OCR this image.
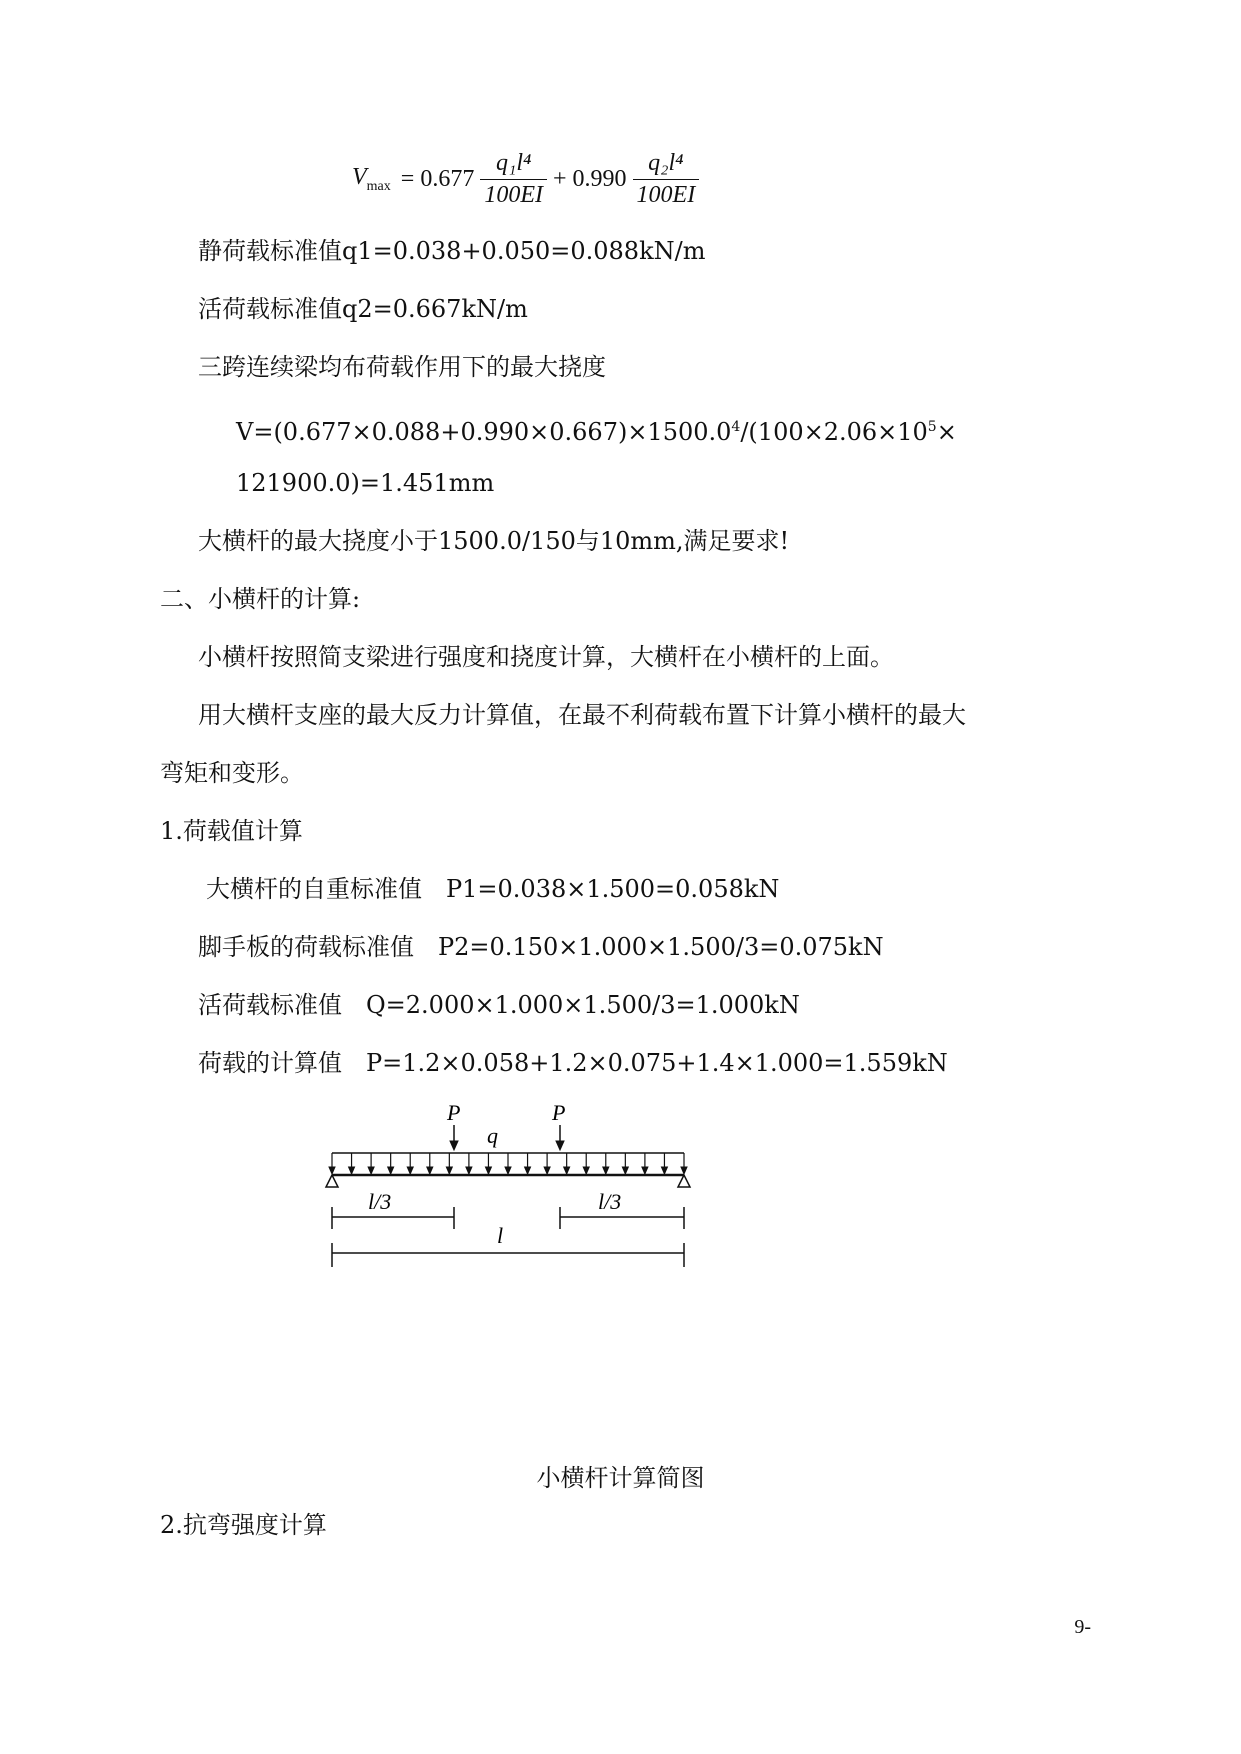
$V_{max} = 0.677 \frac{\text{q₁l⁴}}{100EI} + 0.990 \frac{\text{q₂l⁴}}{100EI}$
静荷载标准值q1=0.038+0.050=0.088kN/m
活荷载标准值q2=0.667kN/m
三跨连续梁均布荷载作用下的最大挠度
$V=(0.677\times 0.088+0.990\times 0.667)\times 1500.0^4/(100\times 2.06\times 10^5\times$
121900.0)=1.451mm
大横杆的最大挠度小于1500.0/150与10mm,满足要求!
二、小横杆的计算:
小横杆按照简支梁进行强度和挠度计算，大横杆在小横杆的上面。
用大横杆支座的最大反力计算值，在最不利荷载布置下计算小横杆的最大
弯矩和变形。
1.荷载值计算
大横杆的自重标准值　P1=0.038×1.500=0.058kN
脚手板的荷载标准值　P2=0.150×1.000×1.500/3=0.075kN
活荷载标准值　Q=2.000×1.000×1.500/3=1.000kN
荷载的计算值　P=1.2×0.058+1.2×0.075+1.4×1.000=1.559kN
P	P
q
l/3	l/3
l
小横杆计算简图
2.抗弯强度计算
9-
